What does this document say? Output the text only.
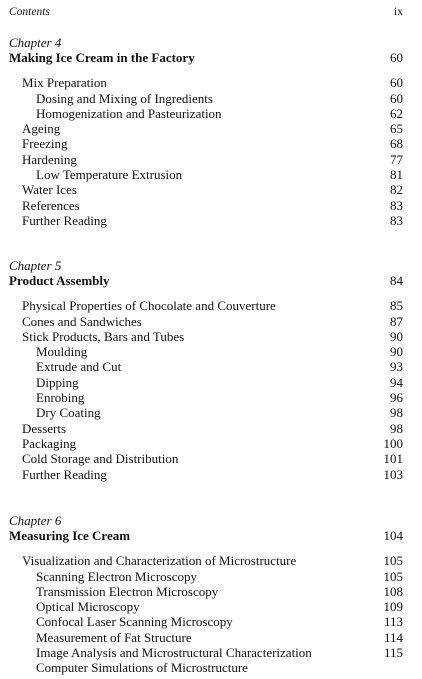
Contents	ix
Chapter 4
Making Ice Cream in the Factory	60
Mix Preparation	60
Dosing and Mixing of Ingredients	60
Homogenization and Pasteurization	62
Ageing	65
Freezing	68
Hardening	77
Low Temperature Extrusion	81
Water Ices	82
References	83
Further Reading	83
Chapter 5
Product Assembly	84
Physical Properties of Chocolate and Couverture	85
Cones and Sandwiches	87
Stick Products, Bars and Tubes	90
Moulding	90
Extrude and Cut	93
Dipping	94
Enrobing	96
Dry Coating	98
Desserts	98
Packaging	100
Cold Storage and Distribution	101
Further Reading	103
Chapter 6
Measuring Ice Cream	104
Visualization and Characterization of Microstructure	105
Scanning Electron Microscopy	105
Transmission Electron Microscopy	108
Optical Microscopy	109
Confocal Laser Scanning Microscopy	113
Measurement of Fat Structure	114
Image Analysis and Microstructural Characterization	115
Computer Simulations of Microstructure
